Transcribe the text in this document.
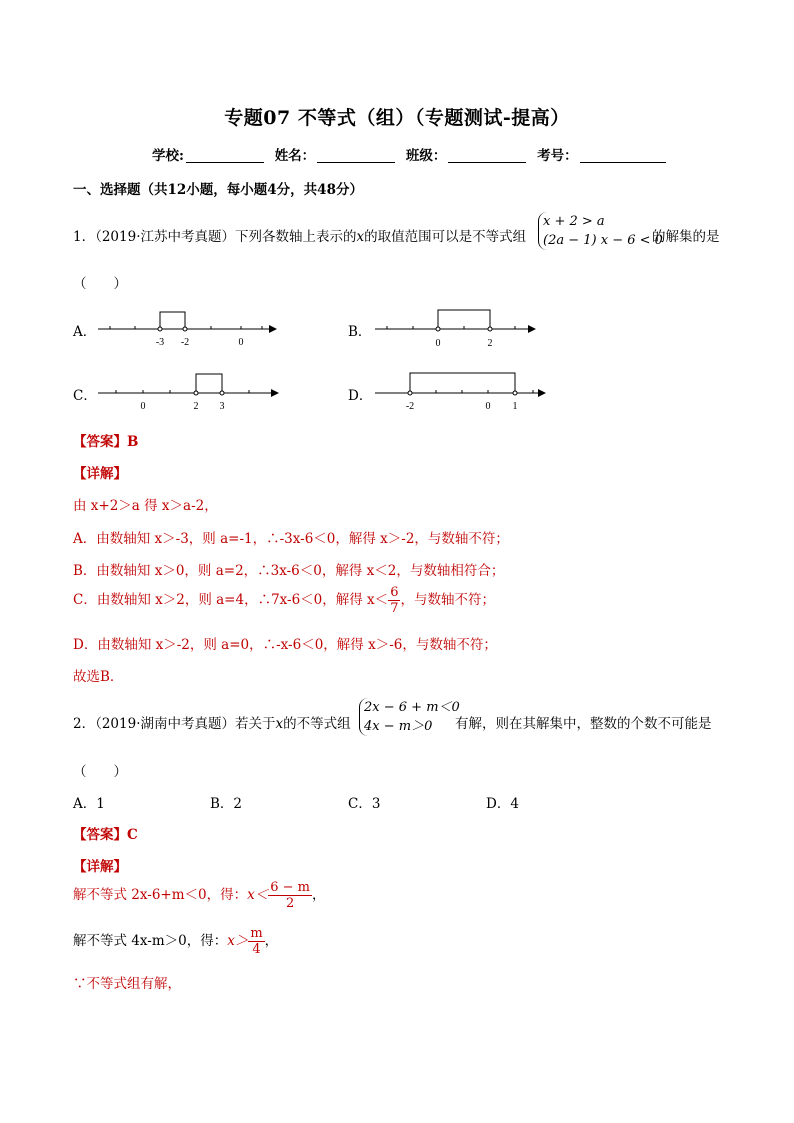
专题07 不等式（组）（专题测试-提高）
学校:	姓名：	班级：	考号：
一、选择题（共12小题，每小题4分，共48分）
1．（2019·江苏中考真题）下列各数轴上表示的x的取值范围可以是不等式组
x + 2 > a
(2a − 1) x − 6 < 0
的解集的是
（　　）
A．	B．
C．	D．
-3 -2	0	0	2
0	2 3	-2	0 1
【答案】B
【详解】
由 x+2＞a 得 x＞a-2，
A．由数轴知 x＞-3，则 a=-1，∴-3x-6＜0，解得 x＞-2，与数轴不符；
B．由数轴知 x＞0，则 a=2，∴3x-6＜0，解得 x＜2，与数轴相符合；
C．由数轴知 x＞2，则 a=4，∴7x-6＜0，解得 $x< \frac{6}{7}$ ，与数轴不符；
D．由数轴知 x＞-2，则 a=0，∴-x-6＜0，解得 x＞-6，与数轴不符；
故选B．
2．（2019·湖南中考真题）若关于x的不等式组
2x − 6 + m＜0
4x − m＞0	有解，则在其解集中，整数的个数不可能是
（　　）
A．1	B．2	C．3	D．4
【答案】C
【详解】
解不等式 2x-6+m＜0，得：$x< \frac{6 - m}{2}$ ，
解不等式 4x-m＞0，得：$x> \frac{m}{4}$ ，
∵不等式组有解，
